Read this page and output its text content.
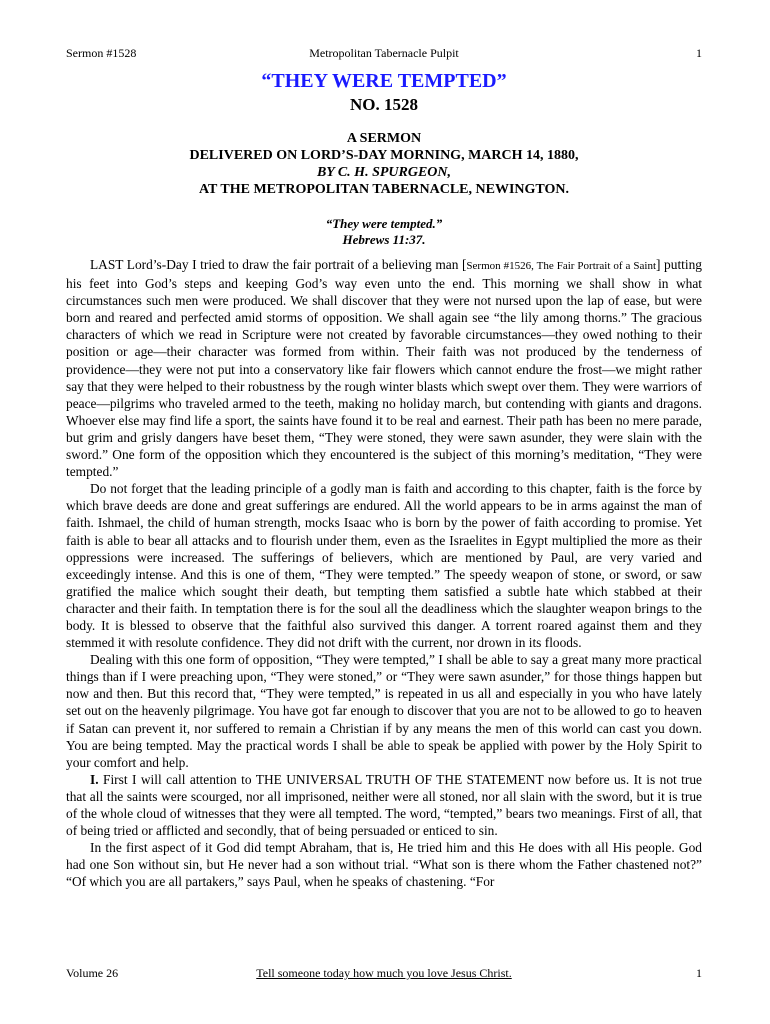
Sermon #1528	Metropolitan Tabernacle Pulpit	1
“THEY WERE TEMPTED”
NO. 1528
A SERMON
DELIVERED ON LORD’S-DAY MORNING, MARCH 14, 1880,
BY C. H. SPURGEON,
AT THE METROPOLITAN TABERNACLE, NEWINGTON.
“They were tempted.”
Hebrews 11:37.

LAST Lord’s-Day I tried to draw the fair portrait of a believing man [Sermon #1526, The Fair Portrait of a Saint] putting his feet into God’s steps and keeping God’s way even unto the end. This morning we shall show in what circumstances such men were produced. We shall discover that they were not nursed upon the lap of ease, but were born and reared and perfected amid storms of opposition. We shall again see “the lily among thorns.” The gracious characters of which we read in Scripture were not created by favorable circumstances—they owed nothing to their position or age—their character was formed from within. Their faith was not produced by the tenderness of providence—they were not put into a conservatory like fair flowers which cannot endure the frost—we might rather say that they were helped to their robustness by the rough winter blasts which swept over them. They were warriors of peace—pilgrims who traveled armed to the teeth, making no holiday march, but contending with giants and dragons. Whoever else may find life a sport, the saints have found it to be real and earnest. Their path has been no mere parade, but grim and grisly dangers have beset them, “They were stoned, they were sawn asunder, they were slain with the sword.” One form of the opposition which they encountered is the subject of this morning’s meditation, “They were tempted.”

Do not forget that the leading principle of a godly man is faith and according to this chapter, faith is the force by which brave deeds are done and great sufferings are endured. All the world appears to be in arms against the man of faith. Ishmael, the child of human strength, mocks Isaac who is born by the power of faith according to promise. Yet faith is able to bear all attacks and to flourish under them, even as the Israelites in Egypt multiplied the more as their oppressions were increased. The sufferings of believers, which are mentioned by Paul, are very varied and exceedingly intense. And this is one of them, “They were tempted.” The speedy weapon of stone, or sword, or saw gratified the malice which sought their death, but tempting them satisfied a subtle hate which stabbed at their character and their faith. In temptation there is for the soul all the deadliness which the slaughter weapon brings to the body. It is blessed to observe that the faithful also survived this danger. A torrent roared against them and they stemmed it with resolute confidence. They did not drift with the current, nor drown in its floods.

Dealing with this one form of opposition, “They were tempted,” I shall be able to say a great many more practical things than if I were preaching upon, “They were stoned,” or “They were sawn asunder,” for those things happen but now and then. But this record that, “They were tempted,” is repeated in us all and especially in you who have lately set out on the heavenly pilgrimage. You have got far enough to discover that you are not to be allowed to go to heaven if Satan can prevent it, nor suffered to remain a Christian if by any means the men of this world can cast you down. You are being tempted. May the practical words I shall be able to speak be applied with power by the Holy Spirit to your comfort and help.

I. First I will call attention to THE UNIVERSAL TRUTH OF THE STATEMENT now before us. It is not true that all the saints were scourged, nor all imprisoned, neither were all stoned, nor all slain with the sword, but it is true of the whole cloud of witnesses that they were all tempted. The word, “tempted,” bears two meanings. First of all, that of being tried or afflicted and secondly, that of being persuaded or enticed to sin.

In the first aspect of it God did tempt Abraham, that is, He tried him and this He does with all His people. God had one Son without sin, but He never had a son without trial. “What son is there whom the Father chastened not?” “Of which you are all partakers,” says Paul, when he speaks of chastening. “For

Volume 26	Tell someone today how much you love Jesus Christ.	1
